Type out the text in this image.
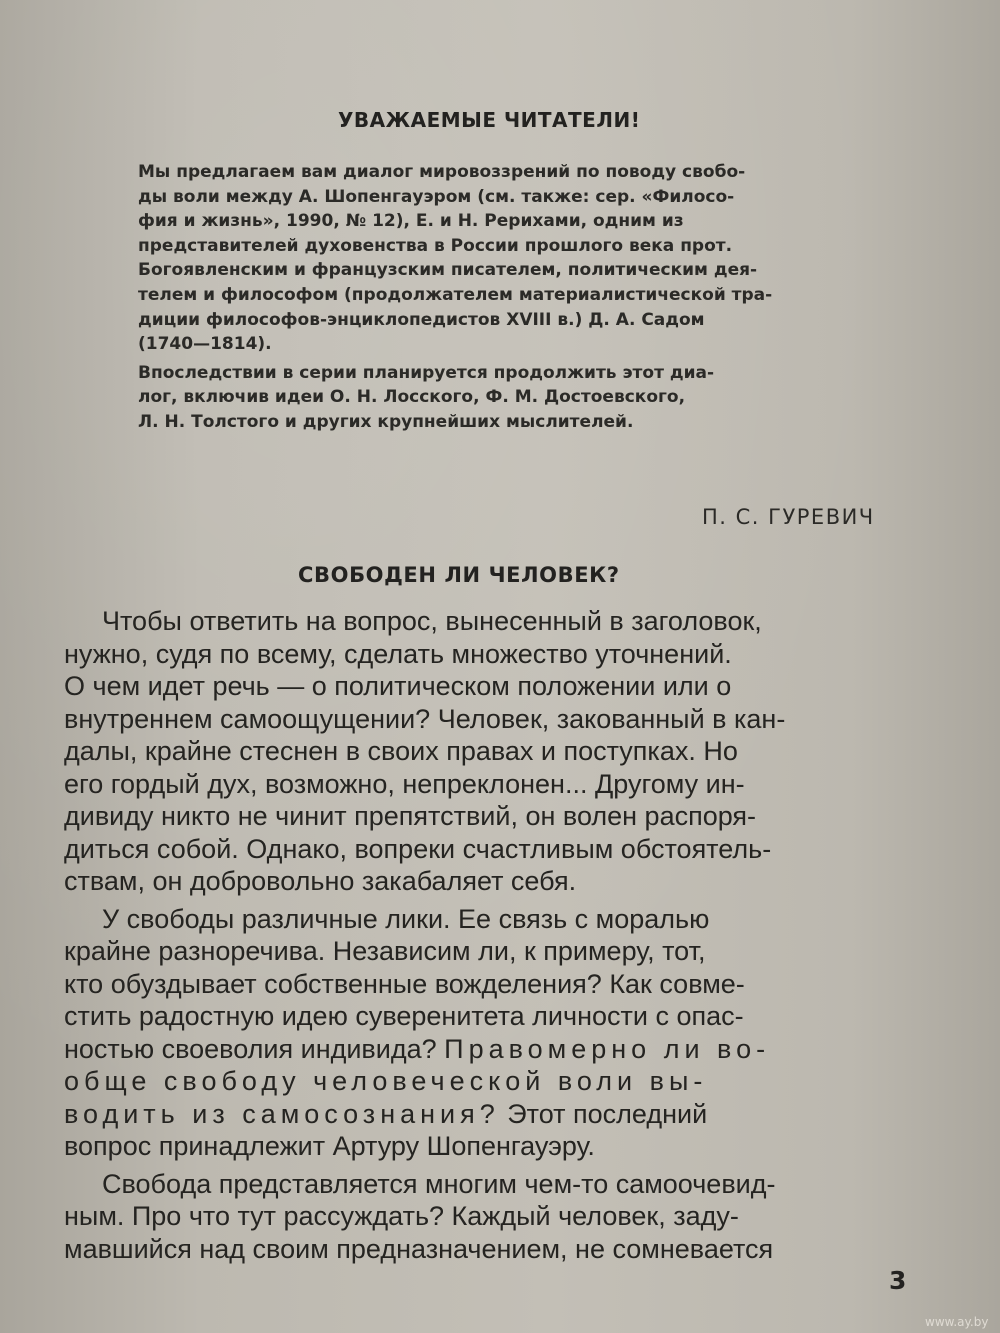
УВАЖАЕМЫЕ ЧИТАТЕЛИ!
Мы предлагаем вам диалог мировоззрений по поводу свобо-
ды воли между А. Шопенгауэром (см. также: сер. «Филосо-
фия и жизнь», 1990, № 12), Е. и Н. Рерихами, одним из
представителей духовенства в России прошлого века прот.
Богоявленским и французским писателем, политическим дея-
телем и философом (продолжателем материалистической тра-
диции философов-энциклопедистов XVIII в.) Д. А. Садом
(1740—1814).
Впоследствии в серии планируется продолжить этот диа-
лог, включив идеи О. Н. Лосского, Ф. М. Достоевского,
Л. Н. Толстого и других крупнейших мыслителей.
П. С. ГУРЕВИЧ
СВОБОДЕН ЛИ ЧЕЛОВЕК?
Чтобы ответить на вопрос, вынесенный в заголовок,
нужно, судя по всему, сделать множество уточнений.
О чем идет речь — о политическом положении или о
внутреннем самоощущении? Человек, закованный в кан-
далы, крайне стеснен в своих правах и поступках. Но
его гордый дух, возможно, непреклонен... Другому ин-
дивиду никто не чинит препятствий, он волен распоря-
диться собой. Однако, вопреки счастливым обстоятель-
ствам, он добровольно закабаляет себя.
У свободы различные лики. Ее связь с моралью
крайне разноречива. Независим ли, к примеру, тот,
кто обуздывает собственные вожделения? Как совме-
стить радостную идею суверенитета личности с опас-
ностью своеволия индивида? Правомерно ли во-
обще свободу человеческой воли вы-
водить из самосознания? Этот последний
вопрос принадлежит Артуру Шопенгауэру.
Свобода представляется многим чем-то самоочевид-
ным. Про что тут рассуждать? Каждый человек, заду-
мавшийся над своим предназначением, не сомневается
3
www.ay.by
